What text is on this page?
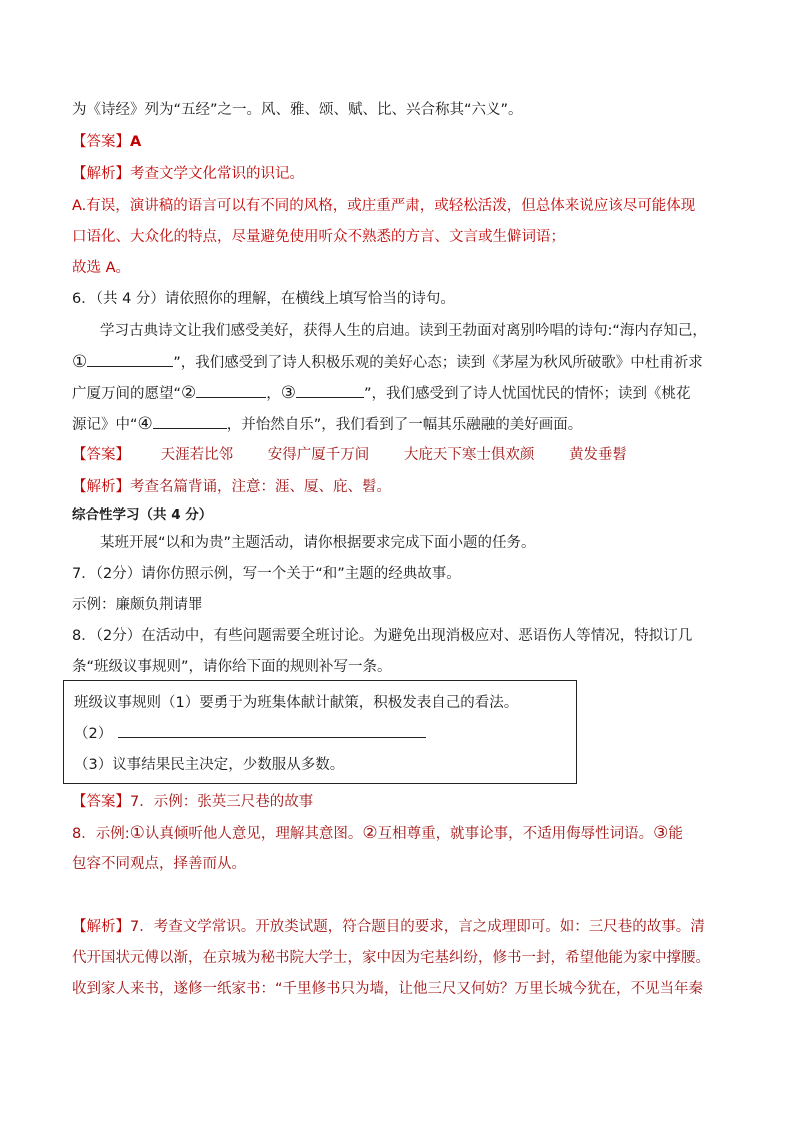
为《诗经》列为“五经”之一。风、雅、颂、赋、比、兴合称其“六义”。
【答案】A
【解析】考查文学文化常识的识记。
A.有误，演讲稿的语言可以有不同的风格，或庄重严肃，或轻松活泼，但总体来说应该尽可能体现
口语化、大众化的特点，尽量避免使用听众不熟悉的方言、文言或生僻词语；
故选 A。
6．（共 4 分）请依照你的理解，在横线上填写恰当的诗句。
学习古典诗文让我们感受美好，获得人生的启迪。读到王勃面对离别吟唱的诗句:“海内存知己，
①	”，我们感受到了诗人积极乐观的美好心态；读到《茅屋为秋风所破歌》中杜甫祈求
广厦万间的愿望“②	，③	”，我们感受到了诗人忧国忧民的情怀；读到《桃花
源记》中“④	，并怡然自乐”，我们看到了一幅其乐融融的美好画面。
【答案】 天涯若比邻 安得广厦千万间 大庇天下寒士俱欢颜 黄发垂髫
【解析】考查名篇背诵，注意：涯、厦、庇、髫。
综合性学习（共 4 分）
某班开展“以和为贵”主题活动，请你根据要求完成下面小题的任务。
7．（2分）请你仿照示例，写一个关于“和”主题的经典故事。
示例：廉颇负荆请罪
8．（2分）在活动中，有些问题需要全班讨论。为避免出现消极应对、恶语伤人等情况，特拟订几
条“班级议事规则”，请你给下面的规则补写一条。
班级议事规则（1）要勇于为班集体献计献策，积极发表自己的看法。
（2）
（3）议事结果民主决定，少数服从多数。
【答案】7．示例：张英三尺巷的故事
8．示例:①认真倾听他人意见，理解其意图。②互相尊重，就事论事，不适用侮辱性词语。③能
包容不同观点，择善而从。
【解析】7．考查文学常识。开放类试题，符合题目的要求，言之成理即可。如：三尺巷的故事。清
代开国状元傅以渐，在京城为秘书院大学士，家中因为宅基纠纷，修书一封，希望他能为家中撑腰。
收到家人来书，遂修一纸家书：“千里修书只为墙，让他三尺又何妨？万里长城今犹在，不见当年秦
